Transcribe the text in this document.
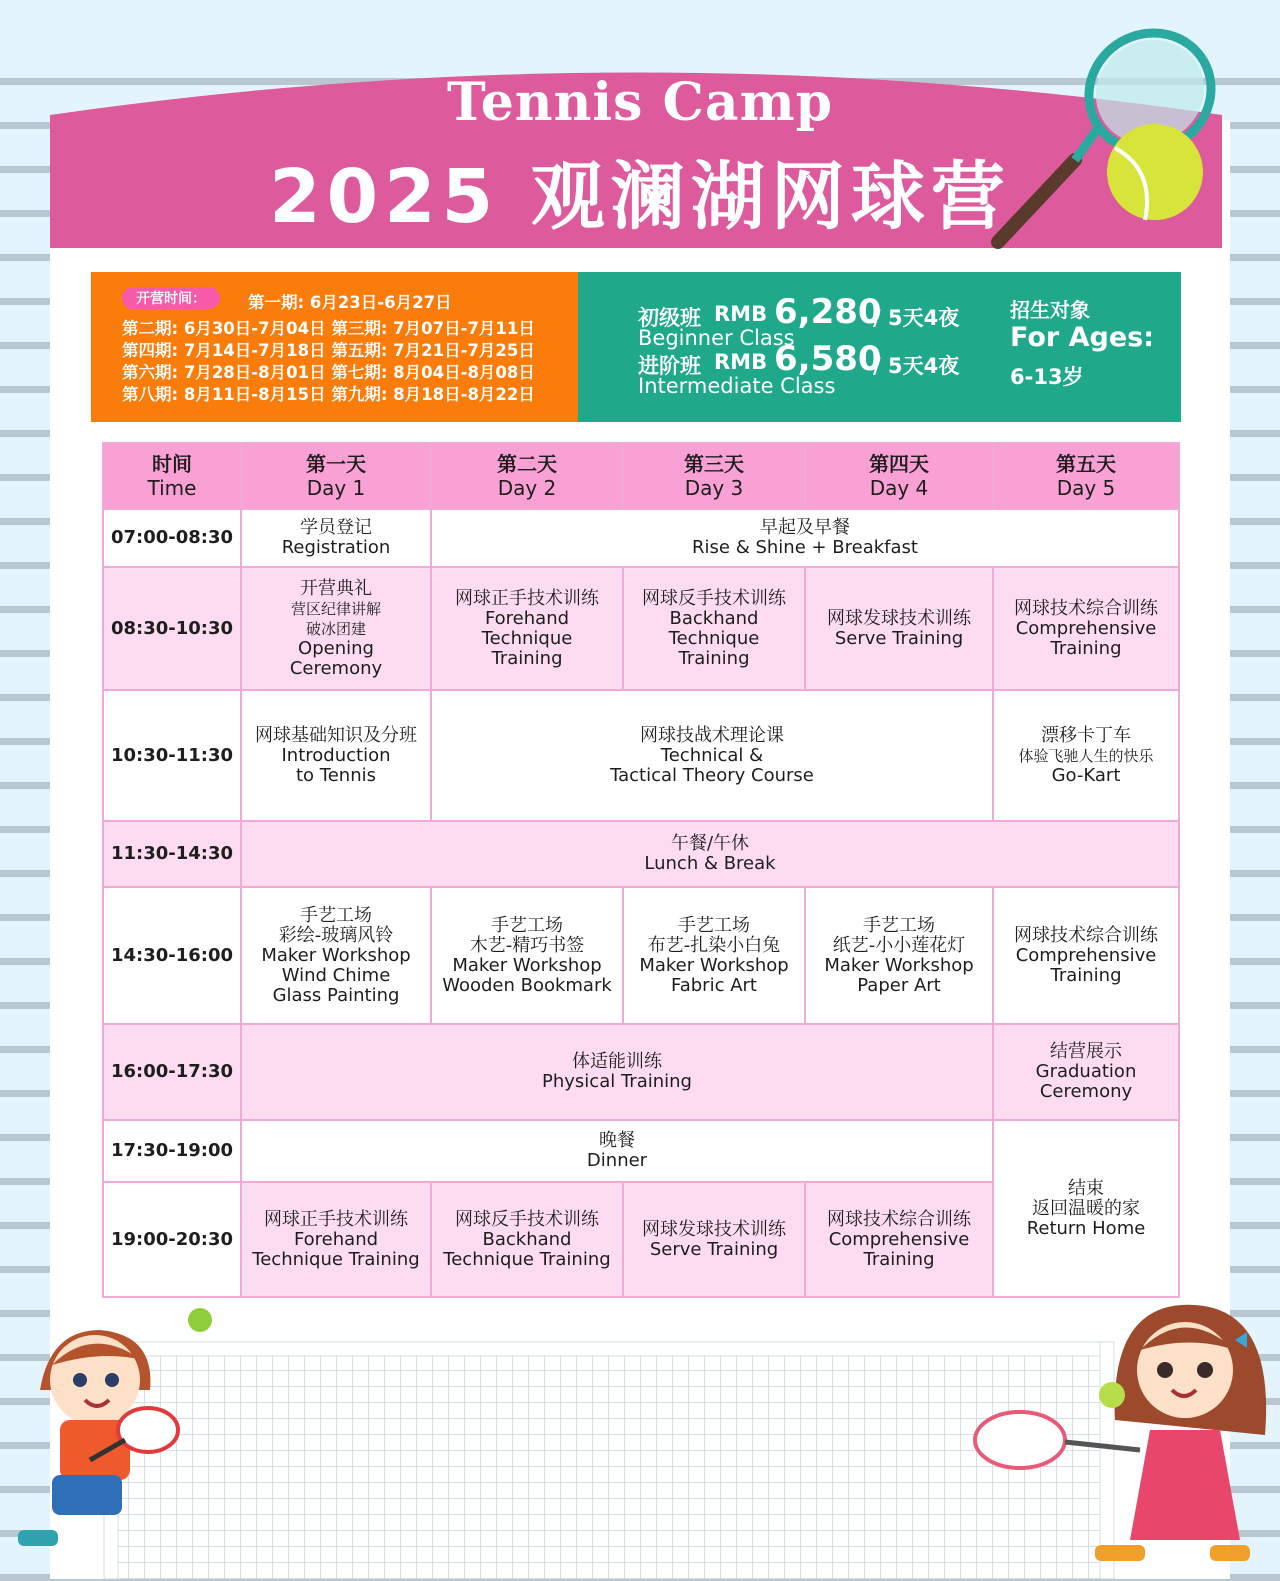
Tennis Camp
2025 观澜湖网球营
开营时间：	第一期: 6月23日-6月27日
第二期: 6月30日-7月04日 第三期: 7月07日-7月11日
第四期: 7月14日-7月18日 第五期: 7月21日-7月25日
第六期: 7月28日-8月01日 第七期: 8月04日-8月08日
第八期: 8月11日-8月15日 第九期: 8月18日-8月22日
初级班 RMB 6,280
/ 5天4夜
Beginner Class
进阶班 RMB 6,580
/ 5天4夜
Intermediate Class
招生对象
For Ages:
6-13岁
时间
Time	第一天
Day 1	第二天
Day 2	第三天
Day 3	第四天
Day 4	第五天
Day 5

07:00-08:30	学员登记
Registration	早起及早餐
Rise & Shine + Breakfast			

08:30-10:30	开营典礼
营区纪律讲解
破冰团建
Opening
Ceremony	网球正手技术训练
Forehand
Technique
Training	网球反手技术训练
Backhand
Technique
Training	网球发球技术训练
Serve Training	网球技术综合训练
Comprehensive
Training

10:30-11:30	网球基础知识及分班
Introduction
to Tennis	网球技战术理论课
Technical &
Tactical Theory Course			漂移卡丁车
体验飞驰人生的快乐
Go-Kart

11:30-14:30	午餐/午休
Lunch & Break				

14:30-16:00	手艺工场
彩绘-玻璃风铃
Maker Workshop
Wind Chime
Glass Painting	手艺工场
木艺-精巧书签
Maker Workshop
Wooden Bookmark	手艺工场
布艺-扎染小白兔
Maker Workshop
Fabric Art	手艺工场
纸艺-小小莲花灯
Maker Workshop
Paper Art	网球技术综合训练
Comprehensive
Training

16:00-17:30	体适能训练
Physical Training				结营展示
Graduation
Ceremony

17:30-19:00	晚餐
Dinner				结束
返回温暖的家
Return Home

19:00-20:30	网球正手技术训练
Forehand
Technique Training	网球反手技术训练
Backhand
Technique Training	网球发球技术训练
Serve Training	网球技术综合训练
Comprehensive
Training	
